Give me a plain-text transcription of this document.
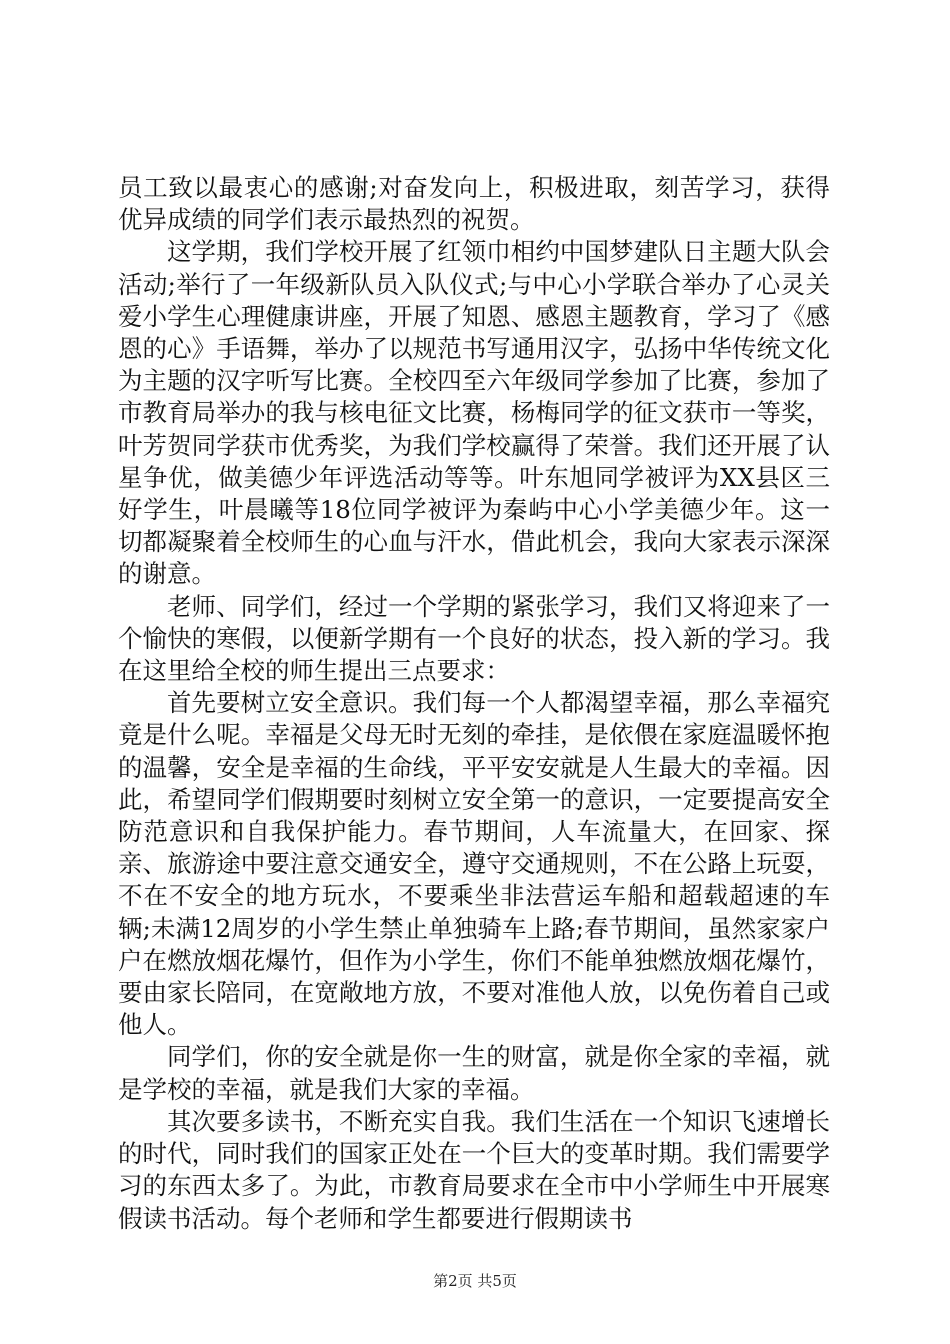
员工致以最衷心的感谢;对奋发向上，积极进取，刻苦学习，获得优异成绩的同学们表示最热烈的祝贺。

这学期，我们学校开展了红领巾相约中国梦建队日主题大队会活动;举行了一年级新队员入队仪式;与中心小学联合举办了心灵关爱小学生心理健康讲座，开展了知恩、感恩主题教育，学习了《感恩的心》手语舞，举办了以规范书写通用汉字，弘扬中华传统文化为主题的汉字听写比赛。全校四至六年级同学参加了比赛，参加了市教育局举办的我与核电征文比赛，杨梅同学的征文获市一等奖，叶芳贺同学获市优秀奖，为我们学校赢得了荣誉。我们还开展了认星争优，做美德少年评选活动等等。叶东旭同学被评为XX县区三好学生，叶晨曦等18位同学被评为秦屿中心小学美德少年。这一切都凝聚着全校师生的心血与汗水，借此机会，我向大家表示深深的谢意。

老师、同学们，经过一个学期的紧张学习，我们又将迎来了一个愉快的寒假，以便新学期有一个良好的状态，投入新的学习。我在这里给全校的师生提出三点要求：

首先要树立安全意识。我们每一个人都渴望幸福，那么幸福究竟是什么呢。幸福是父母无时无刻的牵挂，是依偎在家庭温暖怀抱的温馨，安全是幸福的生命线，平平安安就是人生最大的幸福。因此，希望同学们假期要时刻树立安全第一的意识，一定要提高安全防范意识和自我保护能力。春节期间，人车流量大，在回家、探亲、旅游途中要注意交通安全，遵守交通规则，不在公路上玩耍，不在不安全的地方玩水，不要乘坐非法营运车船和超载超速的车辆;未满12周岁的小学生禁止单独骑车上路;春节期间，虽然家家户户在燃放烟花爆竹，但作为小学生，你们不能单独燃放烟花爆竹，要由家长陪同，在宽敞地方放，不要对准他人放，以免伤着自己或他人。

同学们，你的安全就是你一生的财富，就是你全家的幸福，就是学校的幸福，就是我们大家的幸福。

其次要多读书，不断充实自我。我们生活在一个知识飞速增长的时代，同时我们的国家正处在一个巨大的变革时期。我们需要学习的东西太多了。为此，市教育局要求在全市中小学师生中开展寒假读书活动。每个老师和学生都要进行假期读书

第2页 共5页
